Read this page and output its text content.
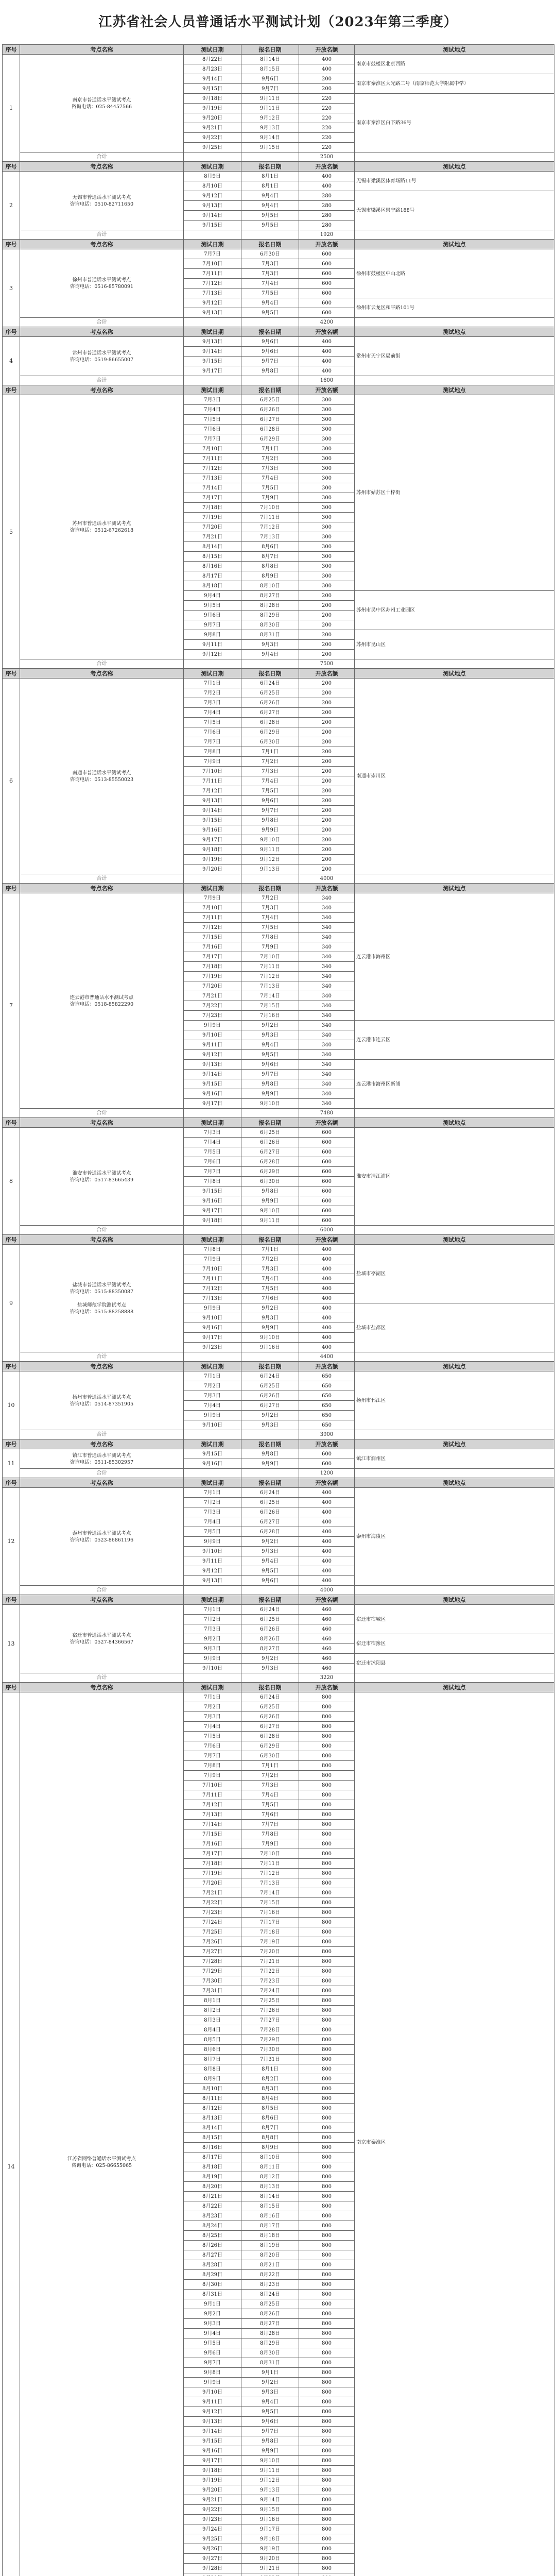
江苏省社会人员普通话水平测试计划（2023年第三季度）
序号	考点名称	测试日期	报名日期	开放名额	测试地点
1	南京市普通话水平测试考点
咨询电话：025-84457566	8月22日	8月14日	400	南京市鼓楼区北京西路
		8月23日	8月15日	400	
		9月14日	9月6日	200	南京市秦淮区大光路二号（南京师范大学附属中学）
		9月15日	9月7日	200	
		9月18日	9月11日	220	南京市秦淮区白下路36号
		9月19日	9月11日	220	
		9月20日	9月12日	220	
		9月21日	9月13日	220	
		9月22日	9月14日	220	
		9月25日	9月15日	220	
	合计			2500	
序号	考点名称	测试日期	报名日期	开放名额	测试地点
2	无锡市普通话水平测试考点
咨询电话：0510-82711650	8月9日	8月1日	400	无锡市梁溪区体育场路11号
		8月10日	8月1日	400	
		9月12日	9月4日	280	无锡市梁溪区崇宁路188号
		9月13日	9月4日	280	
		9月14日	9月5日	280	
		9月15日	9月5日	280	
	合计			1920	
序号	考点名称	测试日期	报名日期	开放名额	测试地点
3	徐州市普通话水平测试考点
咨询电话：0516-85780091	7月7日	6月30日	600	徐州市鼓楼区中山北路
		7月10日	7月3日	600	
		7月11日	7月3日	600	
		7月12日	7月4日	600	
		7月13日	7月5日	600	
		9月12日	9月4日	600	徐州市云龙区和平路101号
		9月13日	9月5日	600	
	合计			4200	
序号	考点名称	测试日期	报名日期	开放名额	测试地点
4	常州市普通话水平测试考点
咨询电话：0519-86655007	9月13日	9月6日	400	常州市天宁区局前街
		9月14日	9月6日	400	
		9月15日	9月7日	400	
		9月17日	9月8日	400	
	合计			1600	
序号	考点名称	测试日期	报名日期	开放名额	测试地点
5	苏州市普通话水平测试考点
咨询电话：0512-67262618	7月3日	6月25日	300	苏州市姑苏区十梓街
		7月4日	6月26日	300	
		7月5日	6月27日	300	
		7月6日	6月28日	300	
		7月7日	6月29日	300	
		7月10日	7月1日	300	
		7月11日	7月2日	300	
		7月12日	7月3日	300	
		7月13日	7月4日	300	
		7月14日	7月5日	300	
		7月17日	7月9日	300	
		7月18日	7月10日	300	
		7月19日	7月11日	300	
		7月20日	7月12日	300	
		7月21日	7月13日	300	
		8月14日	8月6日	300	
		8月15日	8月7日	300	
		8月16日	8月8日	300	
		8月17日	8月9日	300	
		8月18日	8月10日	300	
		9月4日	8月27日	200	苏州市吴中区苏州工业园区
		9月5日	8月28日	200	
		9月6日	8月29日	200	
		9月7日	8月30日	200	
		9月8日	8月31日	200	苏州市昆山区
		9月11日	9月3日	200	
		9月12日	9月4日	200	
	合计			7500	
序号	考点名称	测试日期	报名日期	开放名额	测试地点
6	南通市普通话水平测试考点
咨询电话：0513-85550023	7月1日	6月24日	200	南通市崇川区
		7月2日	6月25日	200	
		7月3日	6月26日	200	
		7月4日	6月27日	200	
		7月5日	6月28日	200	
		7月6日	6月29日	200	
		7月7日	6月30日	200	
		7月8日	7月1日	200	
		7月9日	7月2日	200	
		7月10日	7月3日	200	
		7月11日	7月4日	200	
		7月12日	7月5日	200	
		9月13日	9月6日	200	
		9月14日	9月7日	200	
		9月15日	9月8日	200	
		9月16日	9月9日	200	
		9月17日	9月10日	200	
		9月18日	9月11日	200	
		9月19日	9月12日	200	
		9月20日	9月13日	200	
	合计			4000	
序号	考点名称	测试日期	报名日期	开放名额	测试地点
7	连云港市普通话水平测试考点
咨询电话：0518-85822290	7月9日	7月2日	340	连云港市海州区
		7月10日	7月3日	340	
		7月11日	7月4日	340	
		7月12日	7月5日	340	
		7月15日	7月8日	340	
		7月16日	7月9日	340	
		7月17日	7月10日	340	
		7月18日	7月11日	340	
		7月19日	7月12日	340	
		7月20日	7月13日	340	
		7月21日	7月14日	340	
		7月22日	7月15日	340	
		7月23日	7月16日	340	
		9月9日	9月2日	340	连云港市连云区
		9月10日	9月3日	340	
		9月11日	9月4日	340	
		9月12日	9月5日	340	
		9月13日	9月6日	340	连云港市海州区新浦
		9月14日	9月7日	340	
		9月15日	9月8日	340	
		9月16日	9月9日	340	
		9月17日	9月10日	340	
	合计			7480	
序号	考点名称	测试日期	报名日期	开放名额	测试地点
8	淮安市普通话水平测试考点
咨询电话：0517-83665439	7月3日	6月25日	600	淮安市清江浦区
		7月4日	6月26日	600	
		7月5日	6月27日	600	
		7月6日	6月28日	600	
		7月7日	6月29日	600	
		7月8日	6月30日	600	
		9月15日	9月8日	600	
		9月16日	9月9日	600	
		9月17日	9月10日	600	
		9月18日	9月11日	600	
	合计			6000	
序号	考点名称	测试日期	报名日期	开放名额	测试地点
9	盐城市普通话水平测试考点
咨询电话：0515-88350087

盐城师范学院测试考点
咨询电话：0515-88258888	7月8日	7月1日	400	盐城市亭湖区
		7月9日	7月2日	400	
		7月10日	7月3日	400	
		7月11日	7月4日	400	
		7月12日	7月5日	400	
		7月13日	7月6日	400	
		9月9日	9月2日	400	盐城市盐都区
		9月10日	9月3日	400	
		9月16日	9月9日	400	
		9月17日	9月10日	400	
		9月23日	9月16日	400	
	合计			4400	
序号	考点名称	测试日期	报名日期	开放名额	测试地点
10	扬州市普通话水平测试考点
咨询电话：0514-87351905	7月1日	6月24日	650	扬州市邗江区
		7月2日	6月25日	650	
		7月3日	6月26日	650	
		7月4日	6月27日	650	
		9月9日	9月2日	650	
		9月10日	9月3日	650	
	合计			3900	
序号	考点名称	测试日期	报名日期	开放名额	测试地点
11	镇江市普通话水平测试考点
咨询电话：0511-85302957	9月15日	9月8日	600	镇江市润州区
		9月16日	9月9日	600	
	合计			1200	
序号	考点名称	测试日期	报名日期	开放名额	测试地点
12	泰州市普通话水平测试考点
咨询电话：0523-86861196	7月1日	6月24日	400	泰州市海陵区
		7月2日	6月25日	400	
		7月3日	6月26日	400	
		7月4日	6月27日	400	
		7月5日	6月28日	400	
		9月9日	9月2日	400	
		9月10日	9月3日	400	
		9月11日	9月4日	400	
		9月12日	9月5日	400	
		9月13日	9月6日	400	
	合计			4000	
序号	考点名称	测试日期	报名日期	开放名额	测试地点
13	宿迁市普通话水平测试考点
咨询电话：0527-84366567	7月1日	6月24日	460	宿迁市宿城区
		7月2日	6月25日	460	
		7月3日	6月26日	460	
		9月2日	8月26日	460	宿迁市宿豫区
		9月3日	8月27日	460	
		9月9日	9月2日	460	宿迁市沭阳县
		9月10日	9月3日	460	
	合计			3220	
序号	考点名称	测试日期	报名日期	开放名额	测试地点
14	江苏省网络普通话水平测试考点
咨询电话：025-86655065	7月1日	6月24日	800	南京市秦淮区
		7月2日	6月25日	800	
		7月3日	6月26日	800	
		7月4日	6月27日	800	
		7月5日	6月28日	800	
		7月6日	6月29日	800	
		7月7日	6月30日	800	
		7月8日	7月1日	800	
		7月9日	7月2日	800	
		7月10日	7月3日	800	
		7月11日	7月4日	800	
		7月12日	7月5日	800	
		7月13日	7月6日	800	
		7月14日	7月7日	800	
		7月15日	7月8日	800	
		7月16日	7月9日	800	
		7月17日	7月10日	800	
		7月18日	7月11日	800	
		7月19日	7月12日	800	
		7月20日	7月13日	800	
		7月21日	7月14日	800	
		7月22日	7月15日	800	
		7月23日	7月16日	800	
		7月24日	7月17日	800	
		7月25日	7月18日	800	
		7月26日	7月19日	800	
		7月27日	7月20日	800	
		7月28日	7月21日	800	
		7月29日	7月22日	800	
		7月30日	7月23日	800	
		7月31日	7月24日	800	
		8月1日	7月25日	800	
		8月2日	7月26日	800	
		8月3日	7月27日	800	
		8月4日	7月28日	800	
		8月5日	7月29日	800	
		8月6日	7月30日	800	
		8月7日	7月31日	800	
		8月8日	8月1日	800	
		8月9日	8月2日	800	
		8月10日	8月3日	800	
		8月11日	8月4日	800	
		8月12日	8月5日	800	
		8月13日	8月6日	800	
		8月14日	8月7日	800	
		8月15日	8月8日	800	
		8月16日	8月9日	800	
		8月17日	8月10日	800	
		8月18日	8月11日	800	
		8月19日	8月12日	800	
		8月20日	8月13日	800	
		8月21日	8月14日	800	
		8月22日	8月15日	800	
		8月23日	8月16日	800	
		8月24日	8月17日	800	
		8月25日	8月18日	800	
		8月26日	8月19日	800	
		8月27日	8月20日	800	
		8月28日	8月21日	800	
		8月29日	8月22日	800	
		8月30日	8月23日	800	
		8月31日	8月24日	800	
		9月1日	8月25日	800	
		9月2日	8月26日	800	
		9月3日	8月27日	800	
		9月4日	8月28日	800	
		9月5日	8月29日	800	
		9月6日	8月30日	800	
		9月7日	8月31日	800	
		9月8日	9月1日	800	
		9月9日	9月2日	800	
		9月10日	9月3日	800	
		9月11日	9月4日	800	
		9月12日	9月5日	800	
		9月13日	9月6日	800	
		9月14日	9月7日	800	
		9月15日	9月8日	800	
		9月16日	9月9日	800	
		9月17日	9月10日	800	
		9月18日	9月11日	800	
		9月19日	9月12日	800	
		9月20日	9月13日	800	
		9月21日	9月14日	800	
		9月22日	9月15日	800	
		9月23日	9月16日	800	
		9月24日	9月17日	800	
		9月25日	9月18日	800	
		9月26日	9月19日	800	
		9月27日	9月20日	800	
		9月28日	9月21日	800	
